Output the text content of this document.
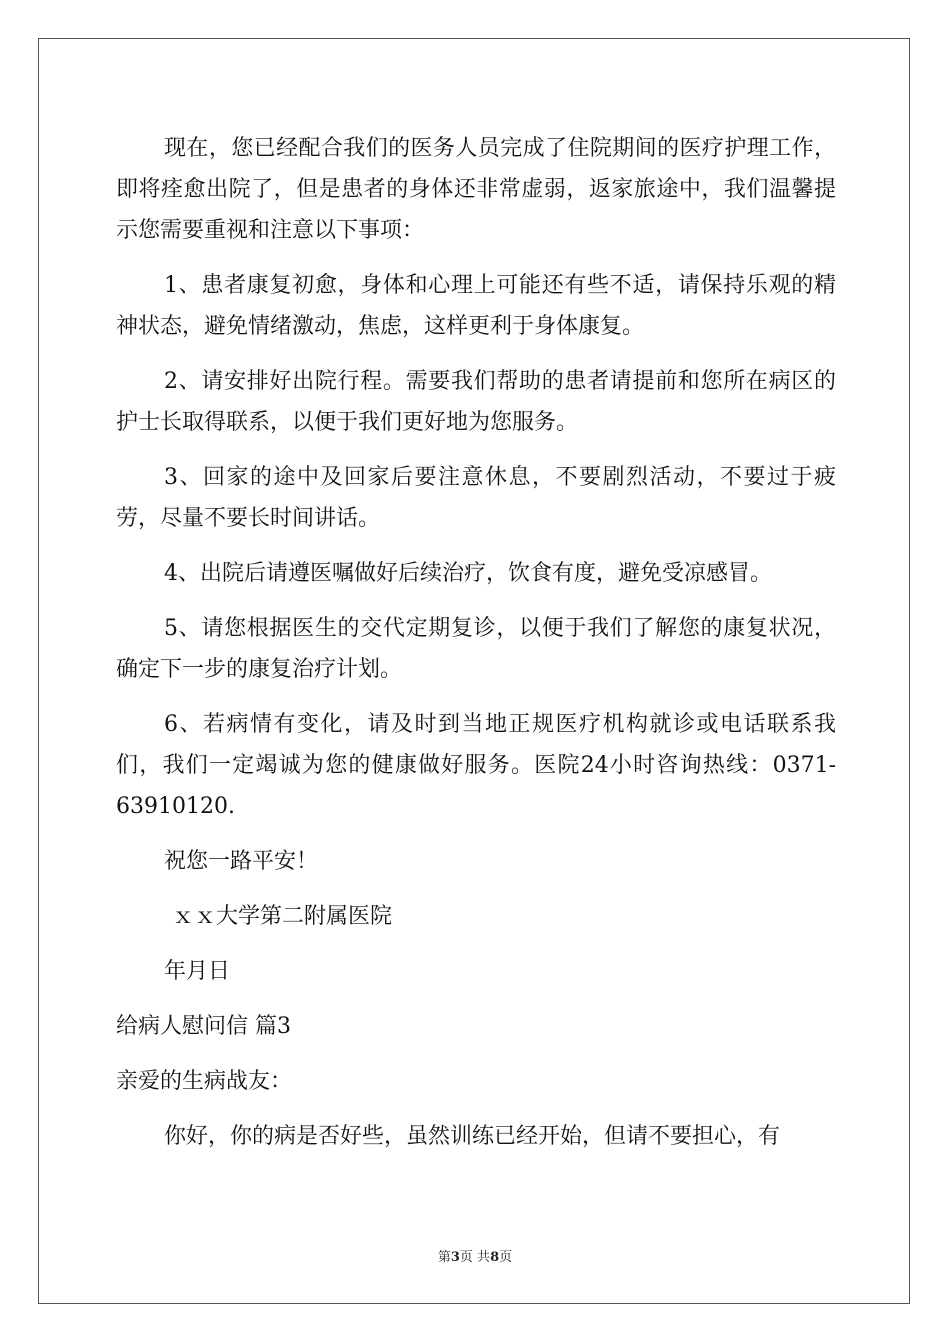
现在，您已经配合我们的医务人员完成了住院期间的医疗护理工作，即将痊愈出院了，但是患者的身体还非常虚弱，返家旅途中，我们温馨提示您需要重视和注意以下事项：

1、患者康复初愈，身体和心理上可能还有些不适，请保持乐观的精神状态，避免情绪激动，焦虑，这样更利于身体康复。

2、请安排好出院行程。需要我们帮助的患者请提前和您所在病区的护士长取得联系，以便于我们更好地为您服务。

3、回家的途中及回家后要注意休息，不要剧烈活动，不要过于疲劳，尽量不要长时间讲话。

4、出院后请遵医嘱做好后续治疗，饮食有度，避免受凉感冒。

5、请您根据医生的交代定期复诊，以便于我们了解您的康复状况，确定下一步的康复治疗计划。

6、若病情有变化，请及时到当地正规医疗机构就诊或电话联系我们，我们一定竭诚为您的健康做好服务。医院24小时咨询热线：0371-63910120.

祝您一路平安！

ｘｘ大学第二附属医院

年月日

给病人慰问信 篇3

亲爱的生病战友：

你好，你的病是否好些，虽然训练已经开始，但请不要担心，有

第3页 共8页
